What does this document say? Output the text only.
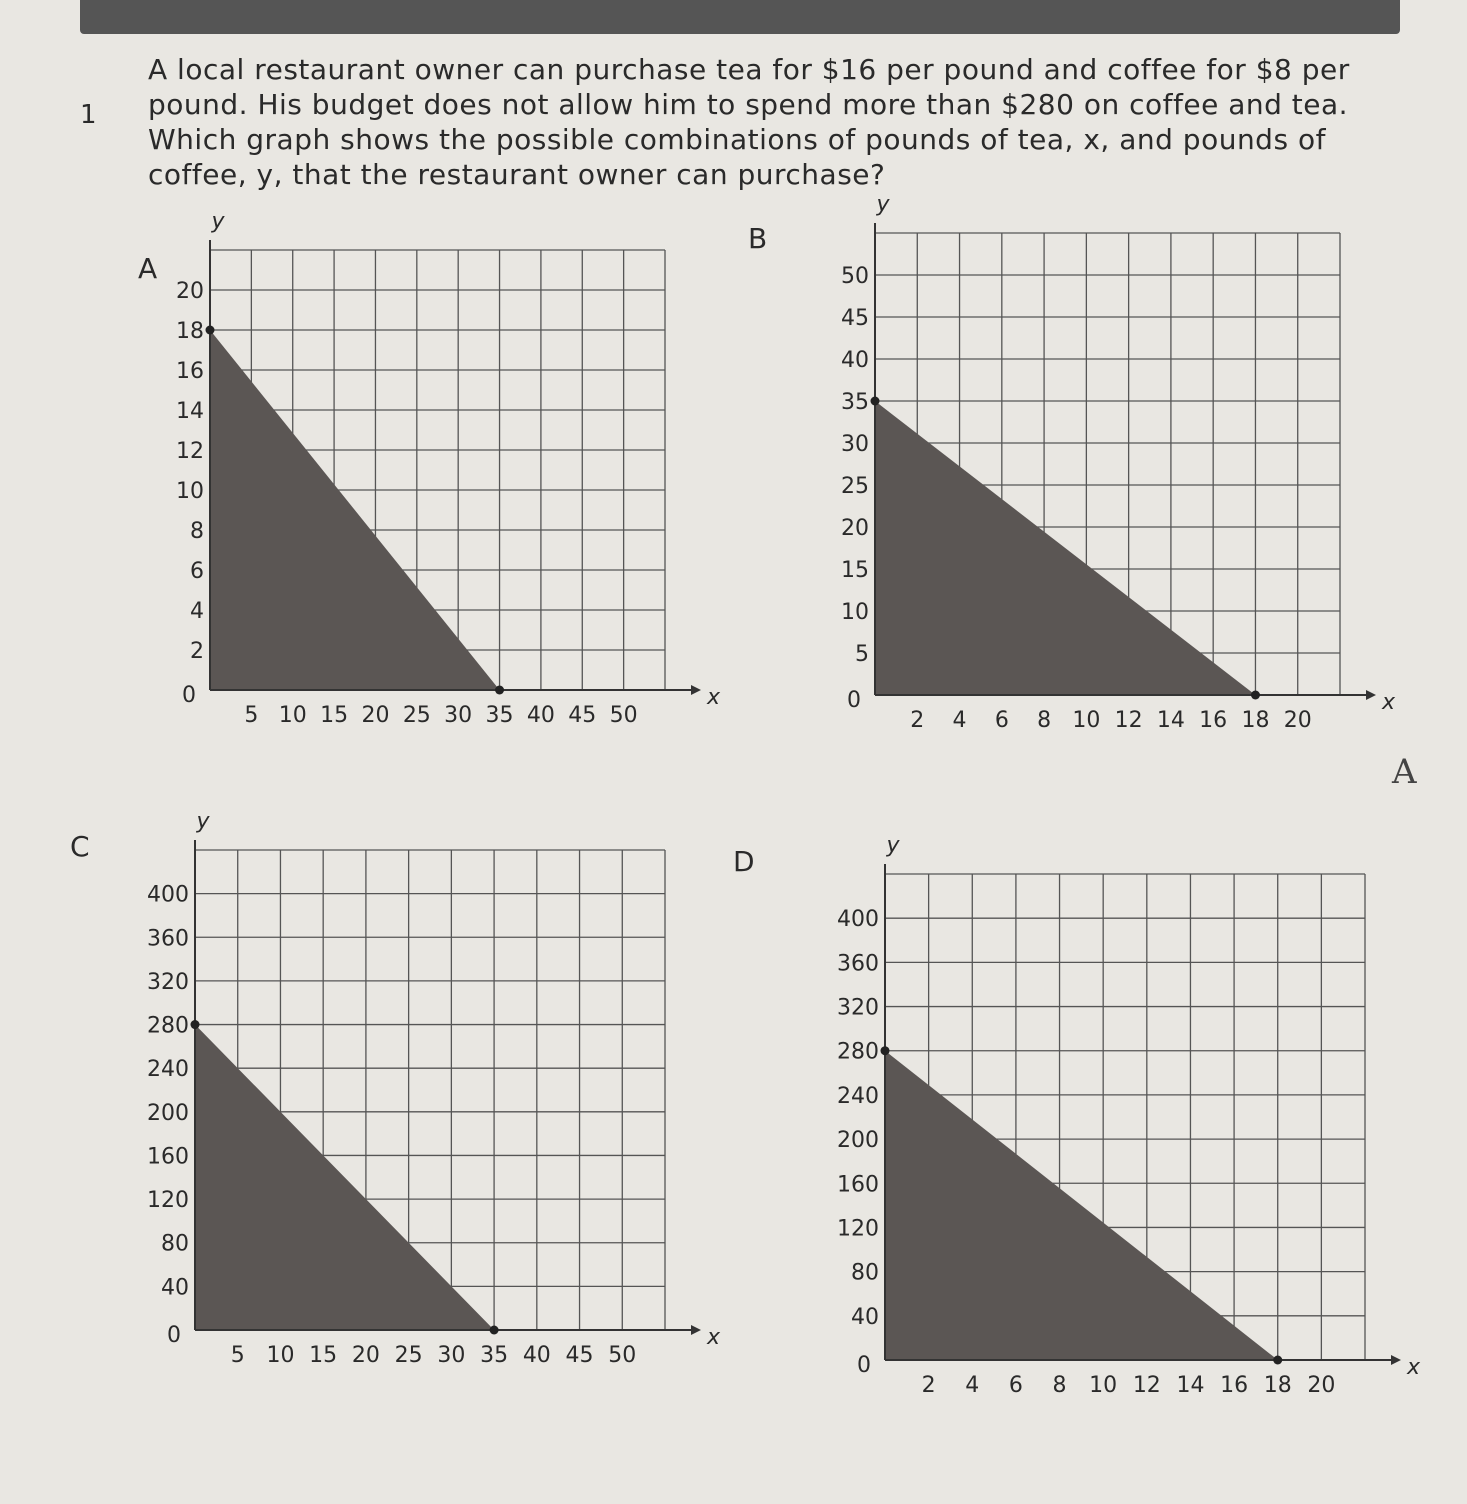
1
A local restaurant owner can purchase tea for $16 per pound and coffee for $8 per pound. His budget does not allow him to spend more than $280 on coffee and tea. Which graph shows the possible combinations of pounds of tea, x, and pounds of coffee, y, that the restaurant owner can purchase?
A
B
C	D
5 10 15 20 25 30 35 40 45 50
2
4
6
8
10
12
14
16
18
20
0	x
y
2 4 6 8 10 12 14 16 18 20
5
10
15
20
25
30
35
40
45
50
0	x
y
5 10 15 20 25 30 35 40 45 50
40
80
120
160
200
240
280
320
360
400
0	x
y
2 4 6 8 10 12 14 16 18 20
40
80
120
160
200
240
280
320
360
400
0	x
y
A
